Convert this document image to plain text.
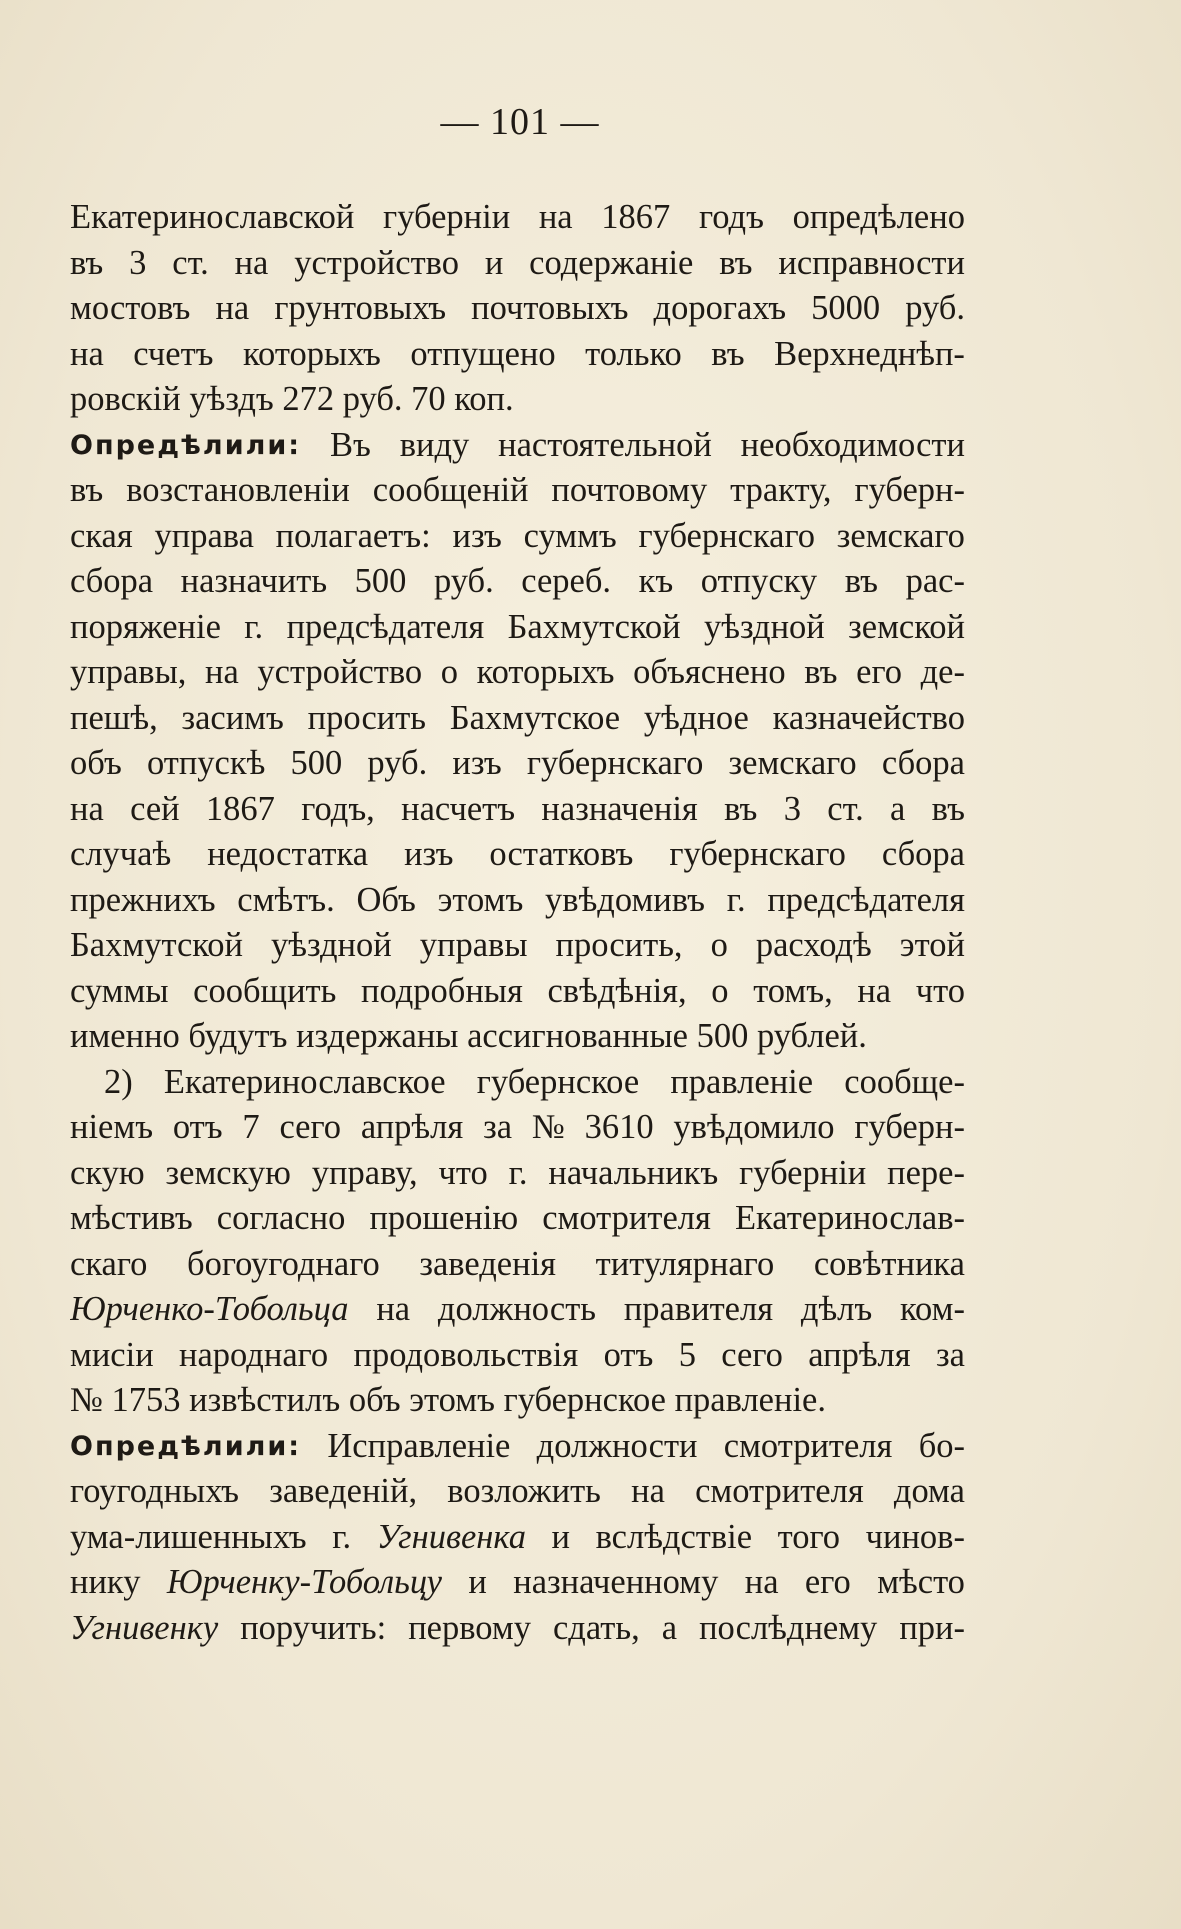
— 101 —
Екатеринославской губерніи на 1867 годъ опредѣлено
въ 3 ст. на устройство и содержаніе въ исправности
мостовъ на грунтовыхъ почтовыхъ дорогахъ 5000 руб.
на счетъ которыхъ отпущено только въ Верхнеднѣп-
ровскій уѣздъ 272 руб. 70 коп.
Опредѣлили: Въ виду настоятельной необходимости
въ возстановленіи сообщеній почтовому тракту, губерн-
ская управа полагаетъ: изъ суммъ губернскаго земскаго
сбора назначить 500 руб. сереб. къ отпуску въ рас-
поряженіе г. предсѣдателя Бахмутской уѣздной земской
управы, на устройство о которыхъ объяснено въ его де-
пешѣ, засимъ просить Бахмутское уѣдное казначейство
объ отпускѣ 500 руб. изъ губернскаго земскаго сбора
на сей 1867 годъ, насчетъ назначенія въ 3 ст. а въ
случаѣ недостатка изъ остатковъ губернскаго сбора
прежнихъ смѣтъ. Объ этомъ увѣдомивъ г. предсѣдателя
Бахмутской уѣздной управы просить, о расходѣ этой
суммы сообщить подробныя свѣдѣнія, о томъ, на что
именно будутъ издержаны ассигнованные 500 рублей.
2) Екатеринославское губернское правленіе сообще-
ніемъ отъ 7 сего апрѣля за № 3610 увѣдомило губерн-
скую земскую управу, что г. начальникъ губерніи пере-
мѣстивъ согласно прошенію смотрителя Екатеринослав-
скаго богоугоднаго заведенія титулярнаго совѣтника
Юрченко-Тобольца на должность правителя дѣлъ ком-
мисіи народнаго продовольствія отъ 5 сего апрѣля за
№ 1753 извѣстилъ объ этомъ губернское правленіе.
Опредѣлили: Исправленіе должности смотрителя бо-
гоугодныхъ заведеній, возложить на смотрителя дома
ума-лишенныхъ г. Угнивенка и вслѣдствіе того чинов-
нику Юрченку-Тобольцу и назначенному на его мѣсто
Угнивенку поручить: первому сдать, а послѣднему при-
